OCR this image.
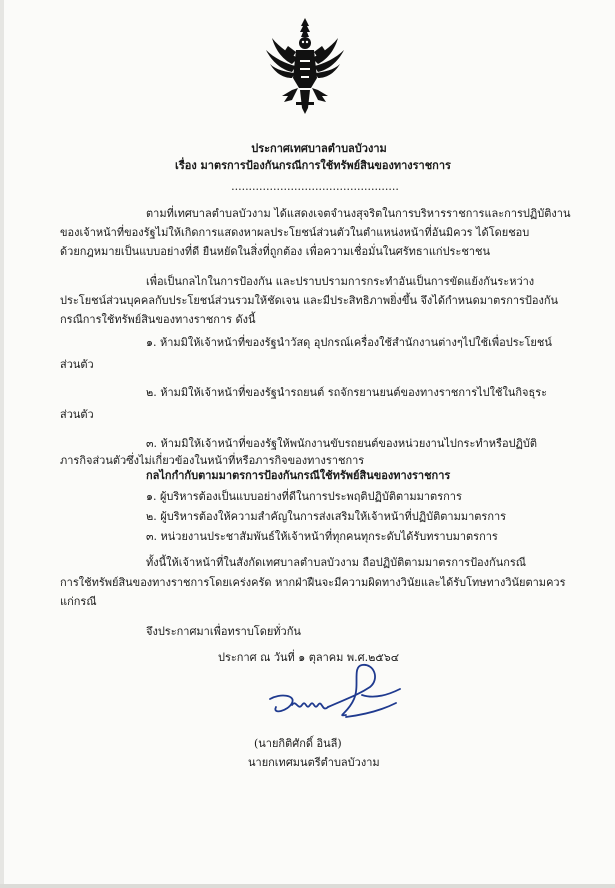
ประกาศเทศบาลตำบลบัวงาม
เรื่อง มาตรการป้องกันกรณีการใช้ทรัพย์สินของทางราชการ
................................................
ตามที่เทศบาลตำบลบัวงาม ได้แสดงเจตจำนงสุจริตในการบริหารราชการและการปฏิบัติงาน
ของเจ้าหน้าที่ของรัฐไม่ให้เกิดการแสดงหาผลประโยชน์ส่วนตัวในตำแหน่งหน้าที่อันมิควร ได้โดยชอบ
ด้วยกฎหมายเป็นแบบอย่างที่ดี ยืนหยัดในสิ่งที่ถูกต้อง เพื่อความเชื่อมั่นในศรัทธาแก่ประชาชน
เพื่อเป็นกลไกในการป้องกัน และปราบปรามการกระทำอันเป็นการขัดแย้งกันระหว่าง
ประโยชน์ส่วนบุคคลกับประโยชน์ส่วนรวมให้ชัดเจน และมีประสิทธิภาพยิ่งขึ้น จึงได้กำหนดมาตรการป้องกัน
กรณีการใช้ทรัพย์สินของทางราชการ ดังนี้
๑. ห้ามมิให้เจ้าหน้าที่ของรัฐนำวัสดุ อุปกรณ์เครื่องใช้สำนักงานต่างๆไปใช้เพื่อประโยชน์
ส่วนตัว
๒. ห้ามมิให้เจ้าหน้าที่ของรัฐนำรถยนต์ รถจักรยานยนต์ของทางราชการไปใช้ในกิจธุระ
ส่วนตัว
๓. ห้ามมิให้เจ้าหน้าที่ของรัฐให้พนักงานขับรถยนต์ของหน่วยงานไปกระทำหรือปฏิบัติ
ภารกิจส่วนตัวซึ่งไม่เกี่ยวข้องในหน้าที่หรือภารกิจของทางราชการ
กลไกกำกับตามมาตรการป้องกันกรณีใช้ทรัพย์สินของทางราชการ
๑. ผู้บริหารต้องเป็นแบบอย่างที่ดีในการประพฤติปฏิบัติตามมาตรการ
๒. ผู้บริหารต้องให้ความสำคัญในการส่งเสริมให้เจ้าหน้าที่ปฏิบัติตามมาตรการ
๓. หน่วยงานประชาสัมพันธ์ให้เจ้าหน้าที่ทุกคนทุกระดับได้รับทราบมาตรการ
ทั้งนี้ให้เจ้าหน้าที่ในสังกัดเทศบาลตำบลบัวงาม ถือปฏิบัติตามมาตรการป้องกันกรณี
การใช้ทรัพย์สินของทางราชการโดยเคร่งครัด หากฝ่าฝืนจะมีความผิดทางวินัยและได้รับโทษทางวินัยตามควร
แก่กรณี
จึงประกาศมาเพื่อทราบโดยทั่วกัน
ประกาศ ณ วันที่ ๑ ตุลาคม พ.ศ.๒๕๖๔
(นายกิติศักดิ์ อินลี)
นายกเทศมนตรีตำบลบัวงาม
